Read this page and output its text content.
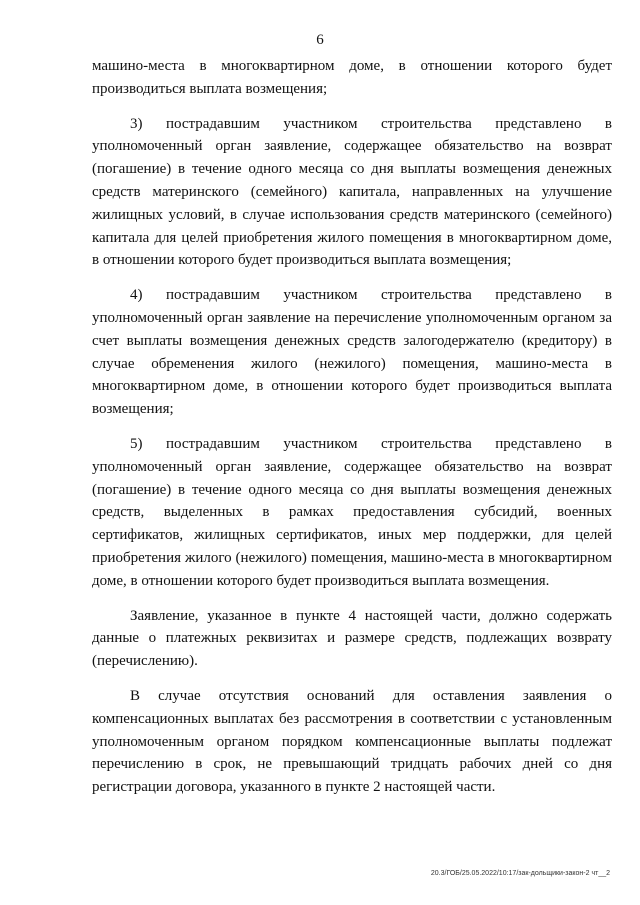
6

машино-места в многоквартирном доме, в отношении которого будет производиться выплата возмещения;

3) пострадавшим участником строительства представлено в уполномоченный орган заявление, содержащее обязательство на возврат (погашение) в течение одного месяца со дня выплаты возмещения денежных средств материнского (семейного) капитала, направленных на улучшение жилищных условий, в случае использования средств материнского (семейного) капитала для целей приобретения жилого помещения в многоквартирном доме, в отношении которого будет производиться выплата возмещения;

4) пострадавшим участником строительства представлено в уполномоченный орган заявление на перечисление уполномоченным органом за счет выплаты возмещения денежных средств залогодержателю (кредитору) в случае обременения жилого (нежилого) помещения, машино-места в многоквартирном доме, в отношении которого будет производиться выплата возмещения;

5) пострадавшим участником строительства представлено в уполномоченный орган заявление, содержащее обязательство на возврат (погашение) в течение одного месяца со дня выплаты возмещения денежных средств, выделенных в рамках предоставления субсидий, военных сертификатов, жилищных сертификатов, иных мер поддержки, для целей приобретения жилого (нежилого) помещения, машино-места в многоквартирном доме, в отношении которого будет производиться выплата возмещения.

Заявление, указанное в пункте 4 настоящей части, должно содержать данные о платежных реквизитах и размере средств, подлежащих возврату (перечислению).

В случае отсутствия оснований для оставления заявления о компенсационных выплатах без рассмотрения в соответствии с установленным уполномоченным органом порядком компенсационные выплаты подлежат перечислению в срок, не превышающий тридцать рабочих дней со дня регистрации договора, указанного в пункте 2 настоящей части.

20.3/ГОБ/25.05.2022/10:17/зак-дольщики-закон-2 чт__2
